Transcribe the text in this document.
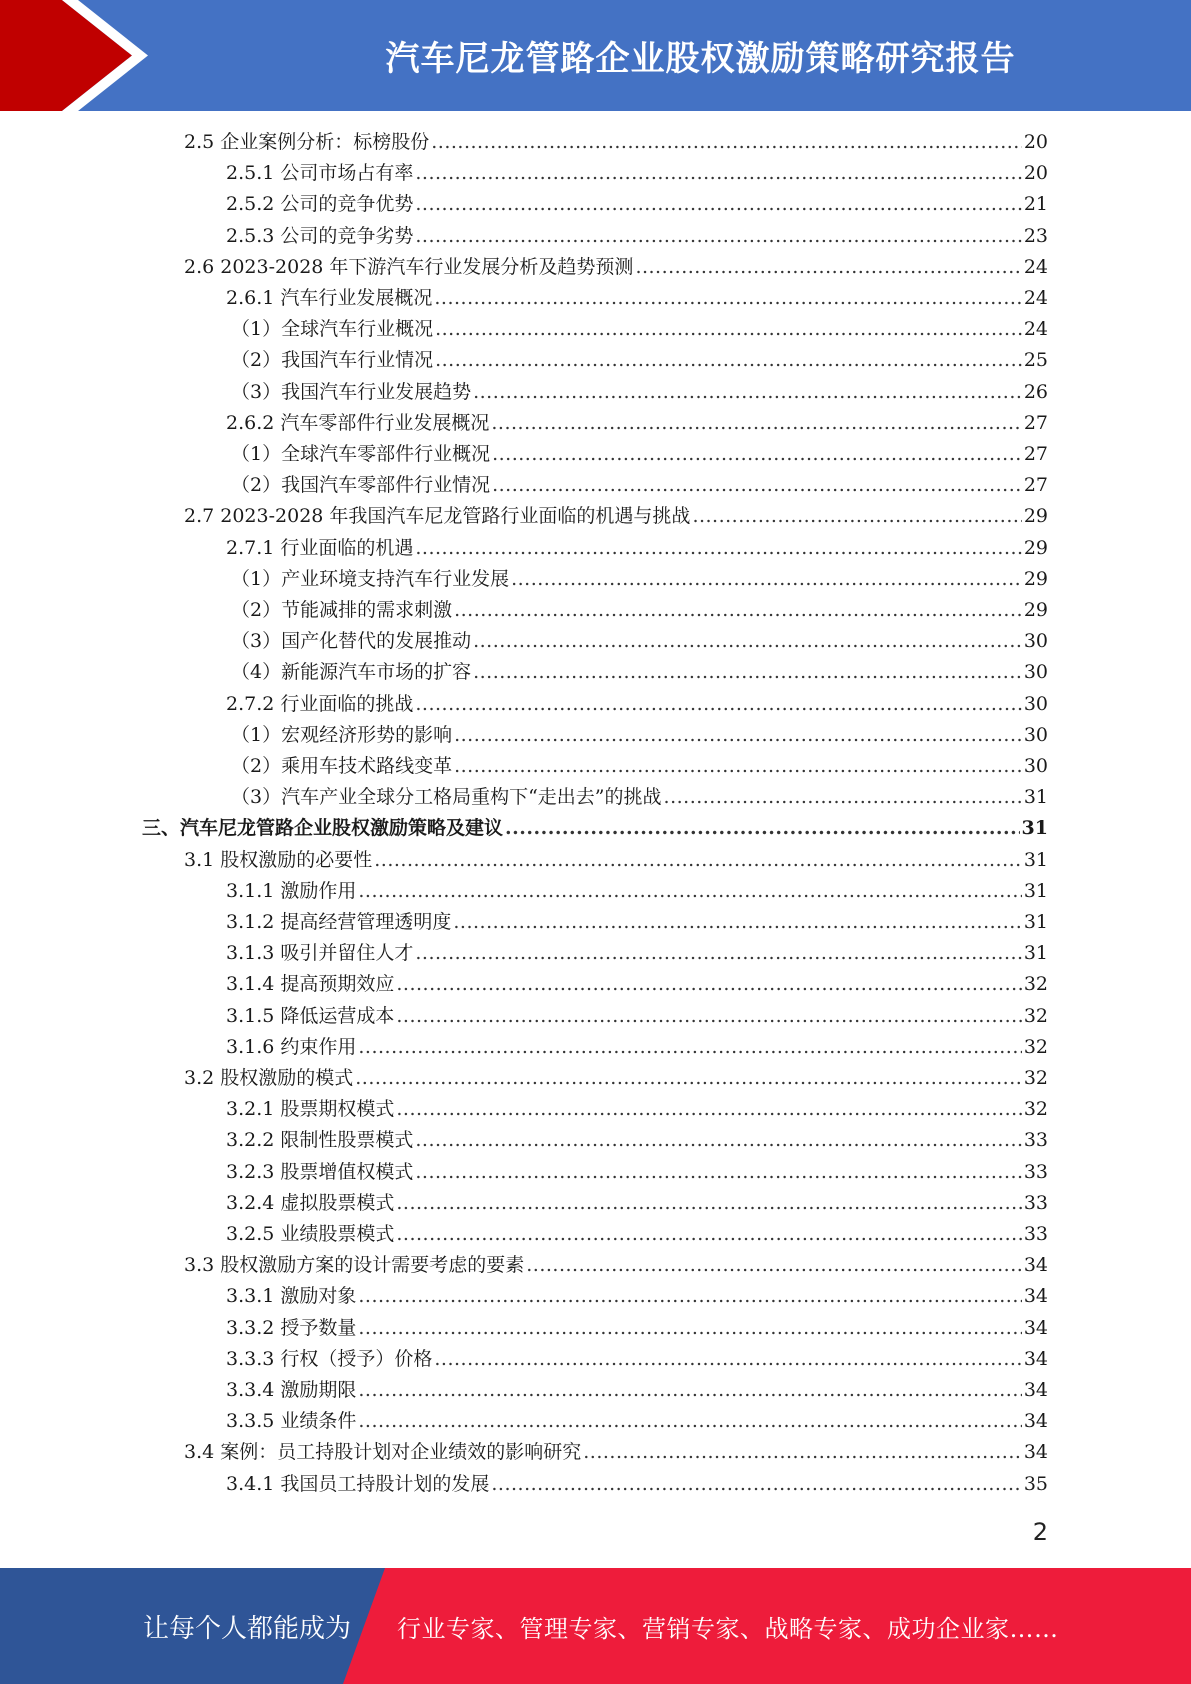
汽车尼龙管路企业股权激励策略研究报告
2.5 企业案例分析：标榜股份 .....	20
2.5.1 公司市场占有率 .....	20
2.5.2 公司的竞争优势 .....	21
2.5.3 公司的竞争劣势 .....	23
2.6 2023-2028 年下游汽车行业发展分析及趋势预测 .....	24
2.6.1 汽车行业发展概况 .....	24
（1）全球汽车行业概况 .....	24
（2）我国汽车行业情况 .....	25
（3）我国汽车行业发展趋势 .....	26
2.6.2 汽车零部件行业发展概况 .....	27
（1）全球汽车零部件行业概况 .....	27
（2）我国汽车零部件行业情况 .....	27
2.7 2023-2028 年我国汽车尼龙管路行业面临的机遇与挑战 .....	29
2.7.1 行业面临的机遇 .....	29
（1）产业环境支持汽车行业发展 .....	29
（2）节能减排的需求刺激 .....	29
（3）国产化替代的发展推动 .....	30
（4）新能源汽车市场的扩容 .....	30
2.7.2 行业面临的挑战 .....	30
（1）宏观经济形势的影响 .....	30
（2）乘用车技术路线变革 .....	30
（3）汽车产业全球分工格局重构下“走出去”的挑战 .....	31
三、汽车尼龙管路企业股权激励策略及建议 .....	31
3.1 股权激励的必要性 .....	31
3.1.1 激励作用 .....	31
3.1.2 提高经营管理透明度 .....	31
3.1.3 吸引并留住人才 .....	31
3.1.4 提高预期效应 .....	32
3.1.5 降低运营成本 .....	32
3.1.6 约束作用 .....	32
3.2 股权激励的模式 .....	32
3.2.1 股票期权模式 .....	32
3.2.2 限制性股票模式 .....	33
3.2.3 股票增值权模式 .....	33
3.2.4 虚拟股票模式 .....	33
3.2.5 业绩股票模式 .....	33
3.3 股权激励方案的设计需要考虑的要素 .....	34
3.3.1 激励对象 .....	34
3.3.2 授予数量 .....	34
3.3.3 行权（授予）价格 .....	34
3.3.4 激励期限 .....	34
3.3.5 业绩条件 .....	34
3.4 案例：员工持股计划对企业绩效的影响研究 .....	34
3.4.1 我国员工持股计划的发展 .....	35
2
让每个人都能成为 行业专家、管理专家、营销专家、战略专家、成功企业家……
